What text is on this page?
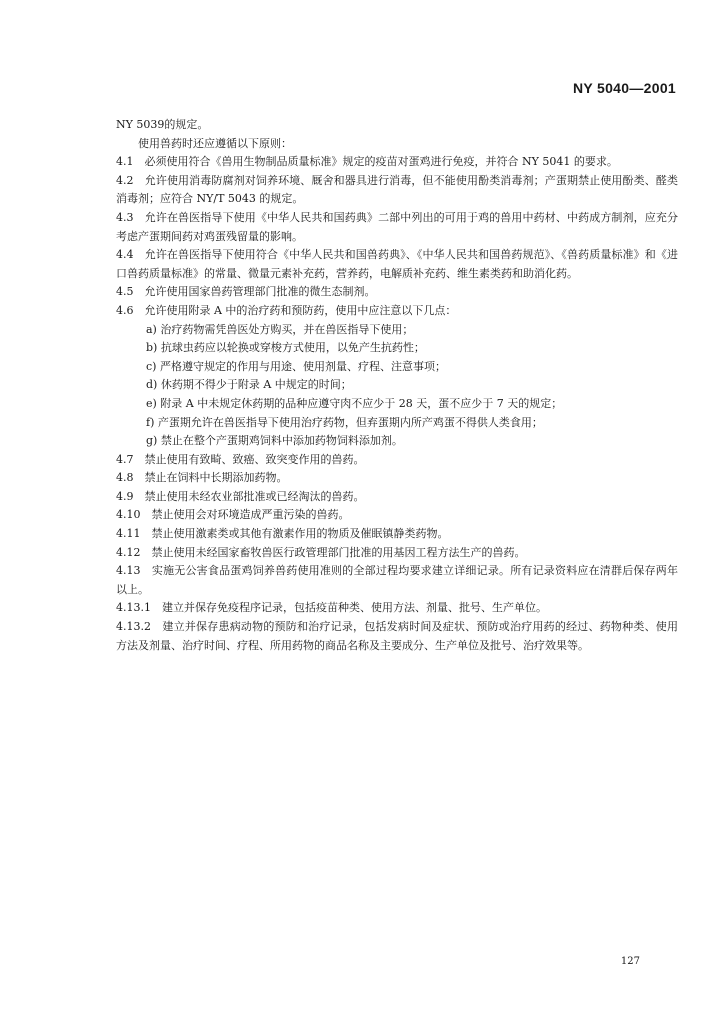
NY 5040—2001

NY 5039的规定。

使用兽药时还应遵循以下原则：

4.1　必须使用符合《兽用生物制品质量标准》规定的疫苗对蛋鸡进行免疫，并符合 NY 5041 的要求。

4.2　允许使用消毒防腐剂对饲养环境、厩舍和器具进行消毒，但不能使用酚类消毒剂；产蛋期禁止使用酚类、醛类消毒剂；应符合 NY/T 5043 的规定。

4.3　允许在兽医指导下使用《中华人民共和国药典》二部中列出的可用于鸡的兽用中药材、中药成方制剂，应充分考虑产蛋期间药对鸡蛋残留量的影响。

4.4　允许在兽医指导下使用符合《中华人民共和国兽药典》、《中华人民共和国兽药规范》、《兽药质量标准》和《进口兽药质量标准》的常量、微量元素补充药，营养药，电解质补充药、维生素类药和助消化药。

4.5　允许使用国家兽药管理部门批准的微生态制剂。

4.6　允许使用附录 A 中的治疗药和预防药，使用中应注意以下几点：

a) 治疗药物需凭兽医处方购买，并在兽医指导下使用；

b) 抗球虫药应以轮换或穿梭方式使用，以免产生抗药性；

c) 严格遵守规定的作用与用途、使用剂量、疗程、注意事项；

d) 休药期不得少于附录 A 中规定的时间；

e) 附录 A 中未规定休药期的品种应遵守肉不应少于 28 天，蛋不应少于 7 天的规定；

f) 产蛋期允许在兽医指导下使用治疗药物，但弃蛋期内所产鸡蛋不得供人类食用；

g) 禁止在整个产蛋期鸡饲料中添加药物饲料添加剂。

4.7　禁止使用有致畸、致癌、致突变作用的兽药。

4.8　禁止在饲料中长期添加药物。

4.9　禁止使用未经农业部批准或已经淘汰的兽药。

4.10　禁止使用会对环境造成严重污染的兽药。

4.11　禁止使用激素类或其他有激素作用的物质及催眠镇静类药物。

4.12　禁止使用未经国家畜牧兽医行政管理部门批准的用基因工程方法生产的兽药。

4.13　实施无公害食品蛋鸡饲养兽药使用准则的全部过程均要求建立详细记录。所有记录资料应在清群后保存两年以上。

4.13.1　建立并保存免疫程序记录，包括疫苗种类、使用方法、剂量、批号、生产单位。

4.13.2　建立并保存患病动物的预防和治疗记录，包括发病时间及症状、预防或治疗用药的经过、药物种类、使用方法及剂量、治疗时间、疗程、所用药物的商品名称及主要成分、生产单位及批号、治疗效果等。

127
